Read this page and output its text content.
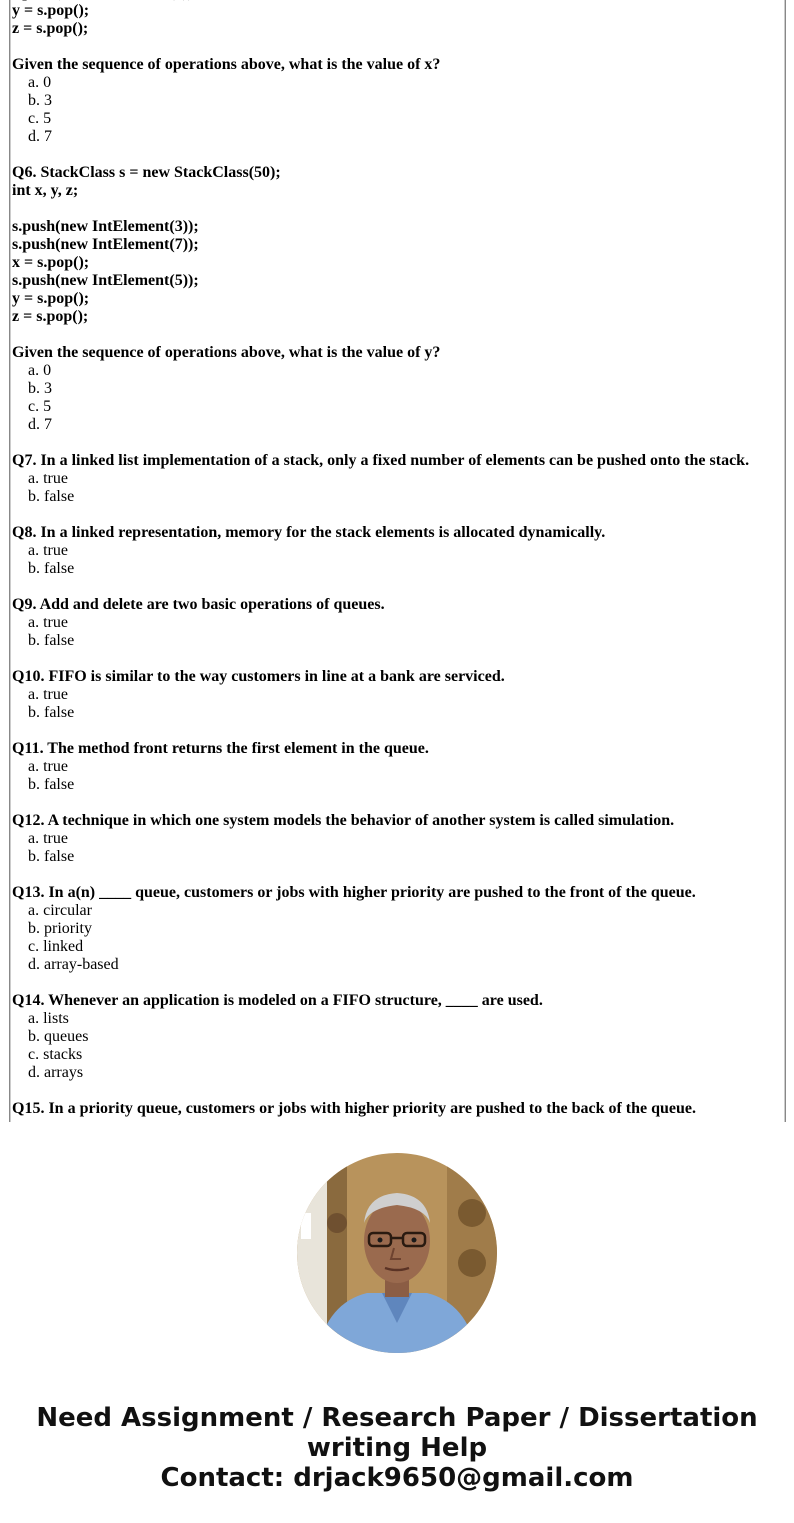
y = s.pop();
z = s.pop();
Given the sequence of operations above, what is the value of x?
a. 0
b. 3
c. 5
d. 7
Q6. StackClass s = new StackClass(50);
int x, y, z;
s.push(new IntElement(3));
s.push(new IntElement(7));
x = s.pop();
s.push(new IntElement(5));
y = s.pop();
z = s.pop();
Given the sequence of operations above, what is the value of y?
a. 0
b. 3
c. 5
d. 7
Q7. In a linked list implementation of a stack, only a fixed number of elements can be pushed onto the stack.
a. true
b. false
Q8. In a linked representation, memory for the stack elements is allocated dynamically.
a. true
b. false
Q9. Add and delete are two basic operations of queues.
a. true
b. false
Q10. FIFO is similar to the way customers in line at a bank are serviced.
a. true
b. false
Q11. The method front returns the first element in the queue.
a. true
b. false
Q12. A technique in which one system models the behavior of another system is called simulation.
a. true
b. false
Q13. In a(n) ____ queue, customers or jobs with higher priority are pushed to the front of the queue.
a. circular
b. priority
c. linked
d. array-based
Q14. Whenever an application is modeled on a FIFO structure, ____ are used.
a. lists
b. queues
c. stacks
d. arrays
Q15. In a priority queue, customers or jobs with higher priority are pushed to the back of the queue.
Need Assignment / Research Paper / Dissertation
writing Help
Contact: drjack9650@gmail.com
